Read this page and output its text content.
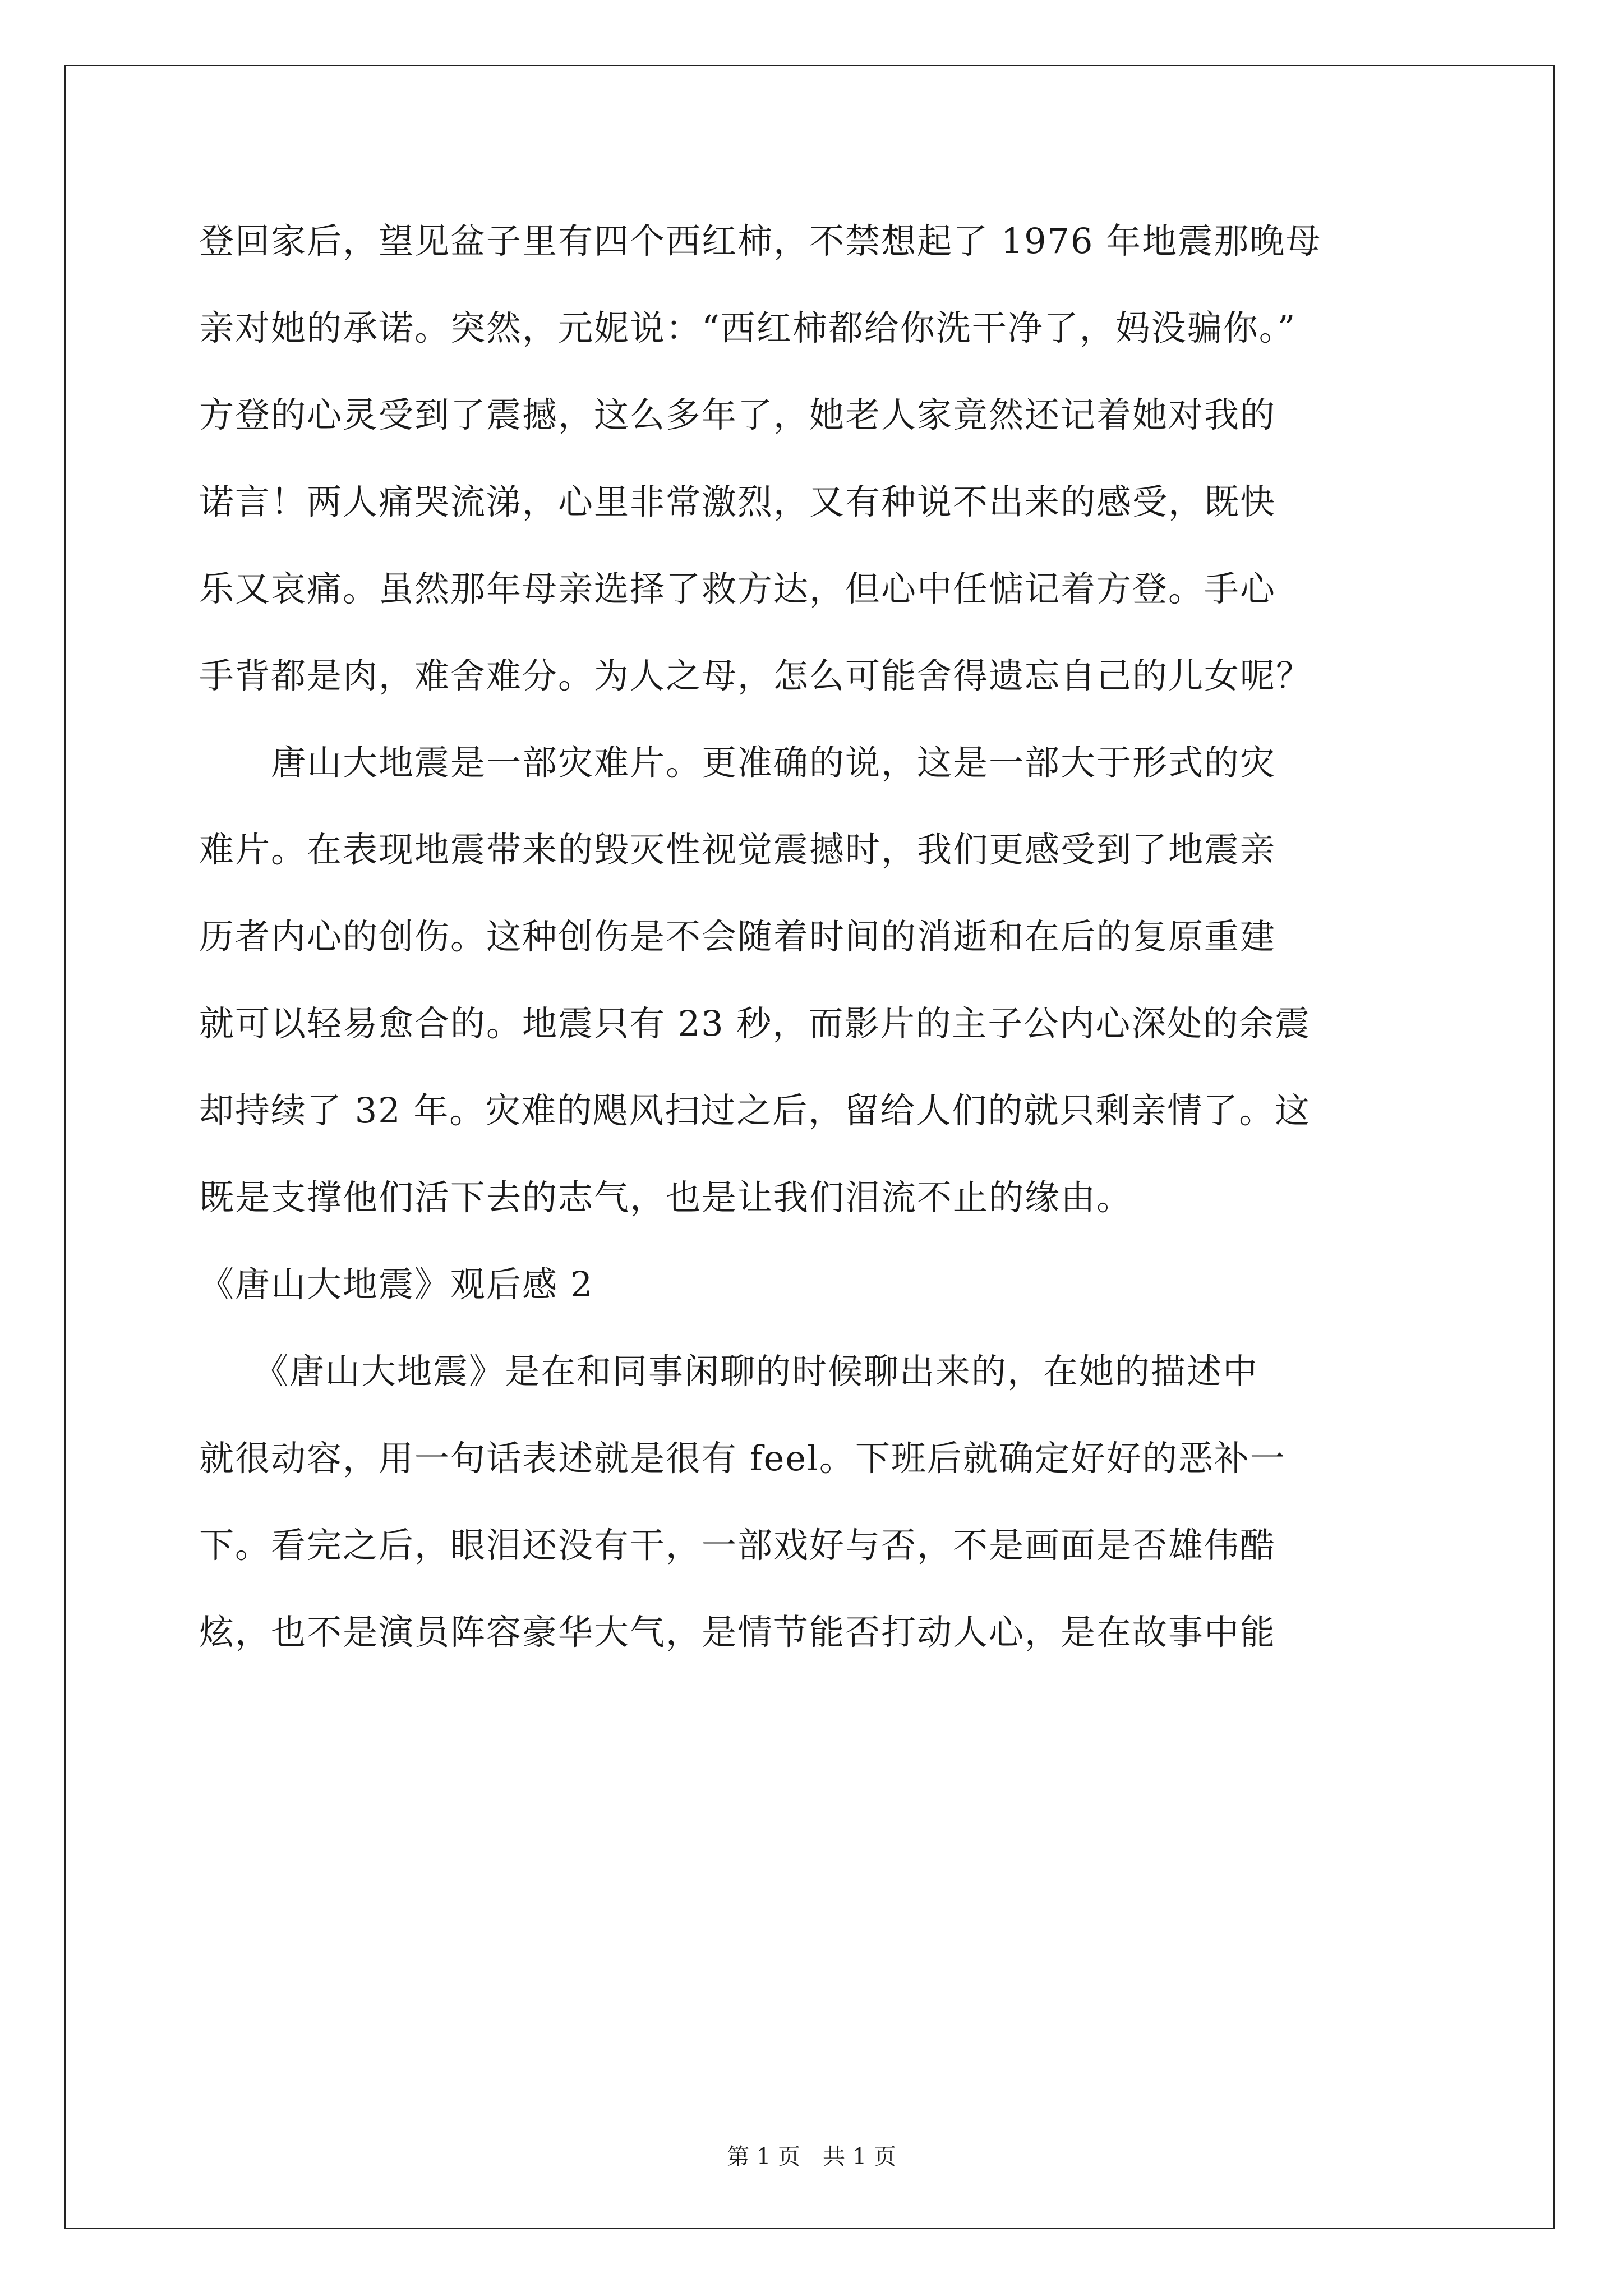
登回家后，望见盆子里有四个西红柿，不禁想起了 1976 年地震那晚母
亲对她的承诺。突然，元妮说：“西红柿都给你洗干净了，妈没骗你。”
方登的心灵受到了震撼，这么多年了，她老人家竟然还记着她对我的
诺言！两人痛哭流涕，心里非常激烈，又有种说不出来的感受，既快
乐又哀痛。虽然那年母亲选择了救方达，但心中任惦记着方登。手心
手背都是肉，难舍难分。为人之母，怎么可能舍得遗忘自己的儿女呢？
　　唐山大地震是一部灾难片。更准确的说，这是一部大于形式的灾
难片。在表现地震带来的毁灭性视觉震撼时，我们更感受到了地震亲
历者内心的创伤。这种创伤是不会随着时间的消逝和在后的复原重建
就可以轻易愈合的。地震只有 23 秒，而影片的主子公内心深处的余震
却持续了 32 年。灾难的飓风扫过之后，留给人们的就只剩亲情了。这
既是支撑他们活下去的志气，也是让我们泪流不止的缘由。
《唐山大地震》观后感 2
　　《唐山大地震》是在和同事闲聊的时候聊出来的，在她的描述中
就很动容，用一句话表述就是很有 feel。下班后就确定好好的恶补一
下。看完之后，眼泪还没有干，一部戏好与否，不是画面是否雄伟酷
炫，也不是演员阵容豪华大气，是情节能否打动人心，是在故事中能
第 1 页　共 1 页
